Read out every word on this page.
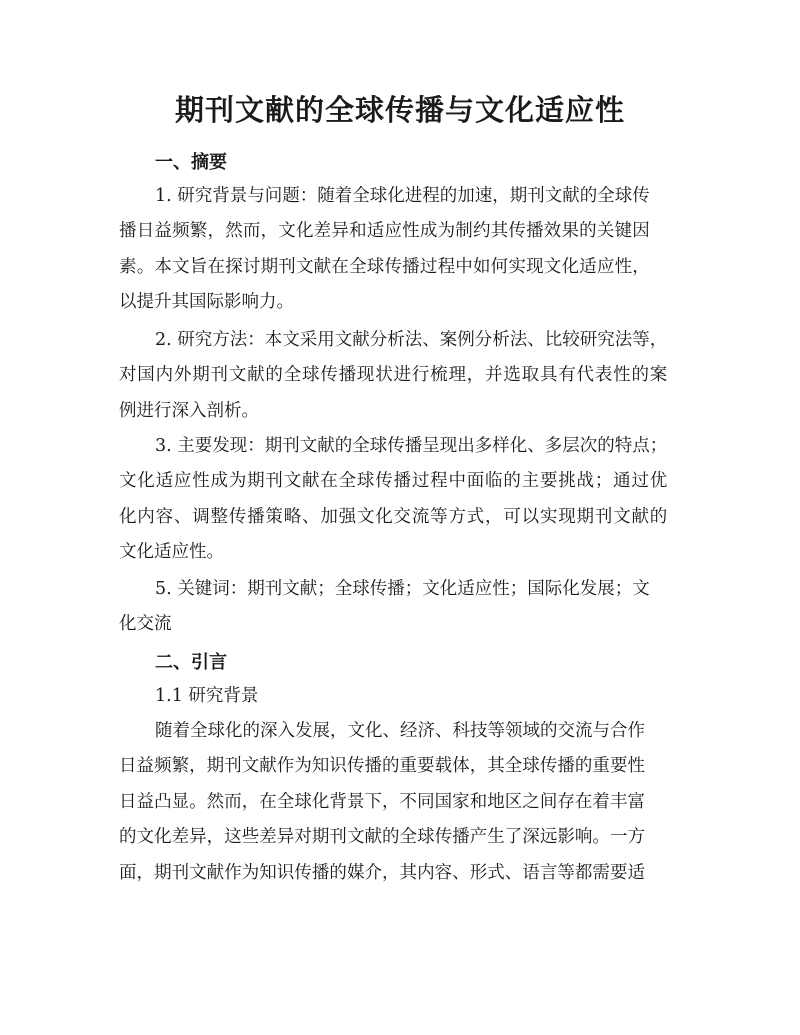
期刊文献的全球传播与文化适应性
一、摘要

1. 研究背景与问题：随着全球化进程的加速，期刊文献的全球传
播日益频繁，然而，文化差异和适应性成为制约其传播效果的关键因
素。本文旨在探讨期刊文献在全球传播过程中如何实现文化适应性，
以提升其国际影响力。

2. 研究方法：本文采用文献分析法、案例分析法、比较研究法等，
对国内外期刊文献的全球传播现状进行梳理，并选取具有代表性的案
例进行深入剖析。

3. 主要发现：期刊文献的全球传播呈现出多样化、多层次的特点；
文化适应性成为期刊文献在全球传播过程中面临的主要挑战；通过优
化内容、调整传播策略、加强文化交流等方式，可以实现期刊文献的
文化适应性。

5. 关键词：期刊文献；全球传播；文化适应性；国际化发展；文
化交流

二、引言

1.1 研究背景

随着全球化的深入发展，文化、经济、科技等领域的交流与合作
日益频繁，期刊文献作为知识传播的重要载体，其全球传播的重要性
日益凸显。然而，在全球化背景下，不同国家和地区之间存在着丰富
的文化差异，这些差异对期刊文献的全球传播产生了深远影响。一方
面，期刊文献作为知识传播的媒介，其内容、形式、语言等都需要适
